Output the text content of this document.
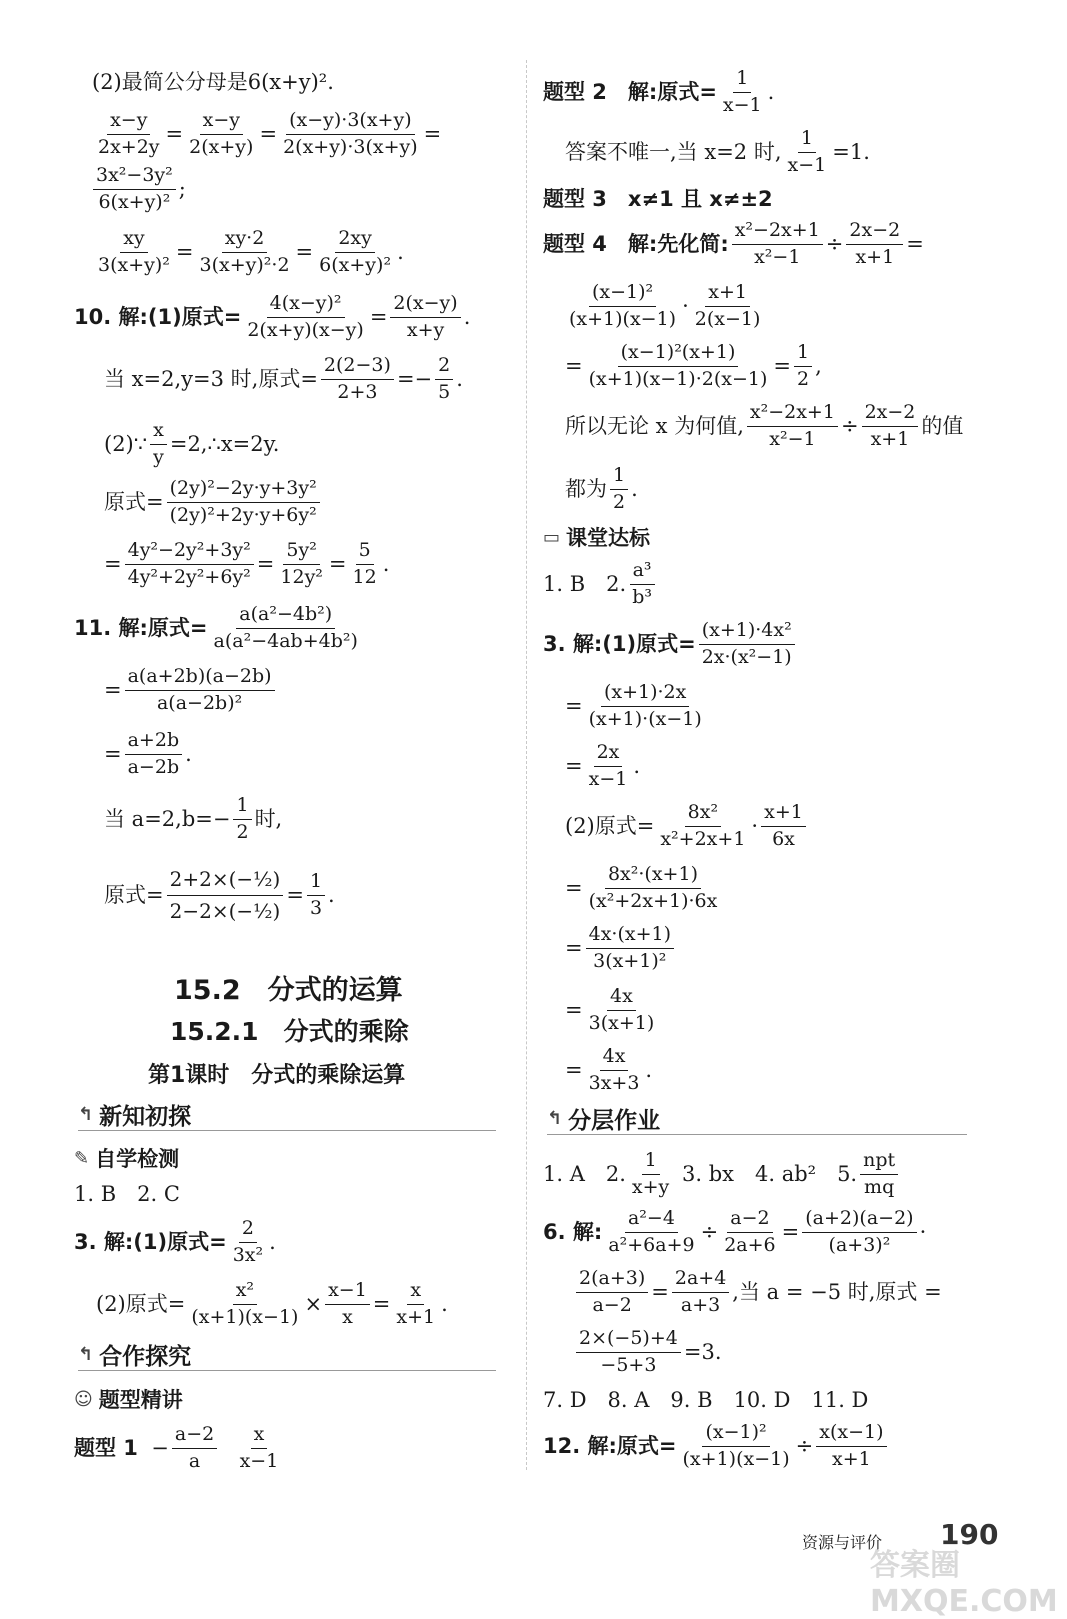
(2)最简公分母是6(x+y)².
$\frac{x-y}{2x+2y} = \frac{x-y}{2(x+y)} = \frac{(x-y)\cdot 3(x+y)}{2(x+y)\cdot 3(x+y)}$ =
$\frac{\text{3x²−3y²}}{\text{6(x+y)²}}$ ;
$\frac{xy}{\text{3(x+y)²}} = \frac{xy\cdot 2}{\text{3(x+y)²·2}} = \frac{2xy}{\text{6(x+y)²}}$ .
10. 解:(1)原式= $\frac{\text{4(x−y)²}}{2(x+y)(x-y)} = \frac{2(x-y)}{x+y}$ .
当 x=2,y=3 时,原式= $\frac{2(2-3)}{2+3} =- \frac{2}{5}$ .
(2)∵ $\frac{x}{y}$ =2,∴x=2y.
原式= $\frac{\text{(2y)²−2y·y+3y²}}{\text{(2y)²+2y·y+6y²}}$
= $\frac{\text{4y²−2y²+3y²}}{\text{4y²+2y²+6y²}} = \frac{\text{5y²}}{\text{12y²}} = \frac{5}{12}$ .
11. 解:原式= $\frac{\text{a(a²−4b²)}}{\text{a(a²−4ab+4b²)}}$
= $\frac{a(a+2b)(a-2b)}{\text{a(a−2b)²}}$
= $\frac{a+2b}{a-2b}$ .
当 $a=2,b=- \frac{1}{2}$ 时,
原式= $\frac{\text{2+2×(−½)}}{\text{2−2×(−½)}} = \frac{1}{3}$ .
15.2　分式的运算
15.2.1　分式的乘除
第1课时　分式的乘除运算
↰ 新知初探
✎ 自学检测
1. B　2. C
3. 解:(1)原式= $\frac{2}{\text{3x²}}$ .
(2)原式= $\frac{\text{x²}}{(x+1)(x-1)} \times \frac{x-1}{x} = \frac{x}{x+1}$ .
↰ 合作探究
☺ 题型精讲
题型 $1 - \frac{a-2}{a}$
$\frac{x}{x-1}$
题型 2　解:原式= $\frac{1}{x-1}$ .
答案不唯一,当 x=2 时, $\frac{1}{x-1} =1$.
题型 3　x≠1 且 x≠±2
题型 4　解:先化简: $\frac{\text{x²−2x+1}}{\text{x²−1}} \div \frac{2x-2}{x+1}$ =
$\frac{\text{(x−1)²}}{(x+1)(x-1)} \cdot \frac{x+1}{2(x-1)}$
= $\frac{\text{(x−1)²(x+1)}}{(x+1)(x-1)\cdot 2(x-1)} = \frac{1}{2}$ ,
所以无论 x 为何值, $\frac{\text{x²−2x+1}}{\text{x²−1}} \div \frac{2x-2}{x+1}$ 的值
都为 $\frac{1}{2}$ .
▭ 课堂达标
1. B　2. $\frac{\text{a³}}{\text{b³}}$
3. 解:(1)原式= $\frac{\text{(x+1)·4x²}}{\text{2x·(x²−1)}}$
= $\frac{(x+1)\cdot 2x}{(x+1)\cdot(x-1)}$
= $\frac{2x}{x-1}$ .
(2)原式= $\frac{\text{8x²}}{\text{x²+2x+1}} \cdot \frac{x+1}{6x}$
= $\frac{\text{8x²·(x+1)}}{\text{(x²+2x+1)·6x}}$
= $\frac{4x\cdot(x+1)}{\text{3(x+1)²}}$
= $\frac{4x}{3(x+1)}$
= $\frac{4x}{3x+3}$ .
↰ 分层作业
1. A　2. $\frac{1}{x+y}$
3. bx　4. ab²　5. $\frac{\text{npt}}{mq}$
6. 解: $\frac{\text{a²−4}}{\text{a²+6a+9}} \div \frac{a-2}{2a+6} = \frac{(a+2)(a-2)}{\text{(a+3)²}}$ ·
$\frac{2(a+3)}{a-2} = \frac{2a+4}{a+3}$ ,当 a = −5 时,原式 =
$\frac{2\times(-5)+4}{-5+3} =3$.
7. D　8. A　9. B　10. D　11. D
12. 解:原式= $\frac{\text{(x−1)²}}{(x+1)(x-1)} \div \frac{x(x-1)}{x+1}$
资源与评价 190
答案圈 MXQE.COM
